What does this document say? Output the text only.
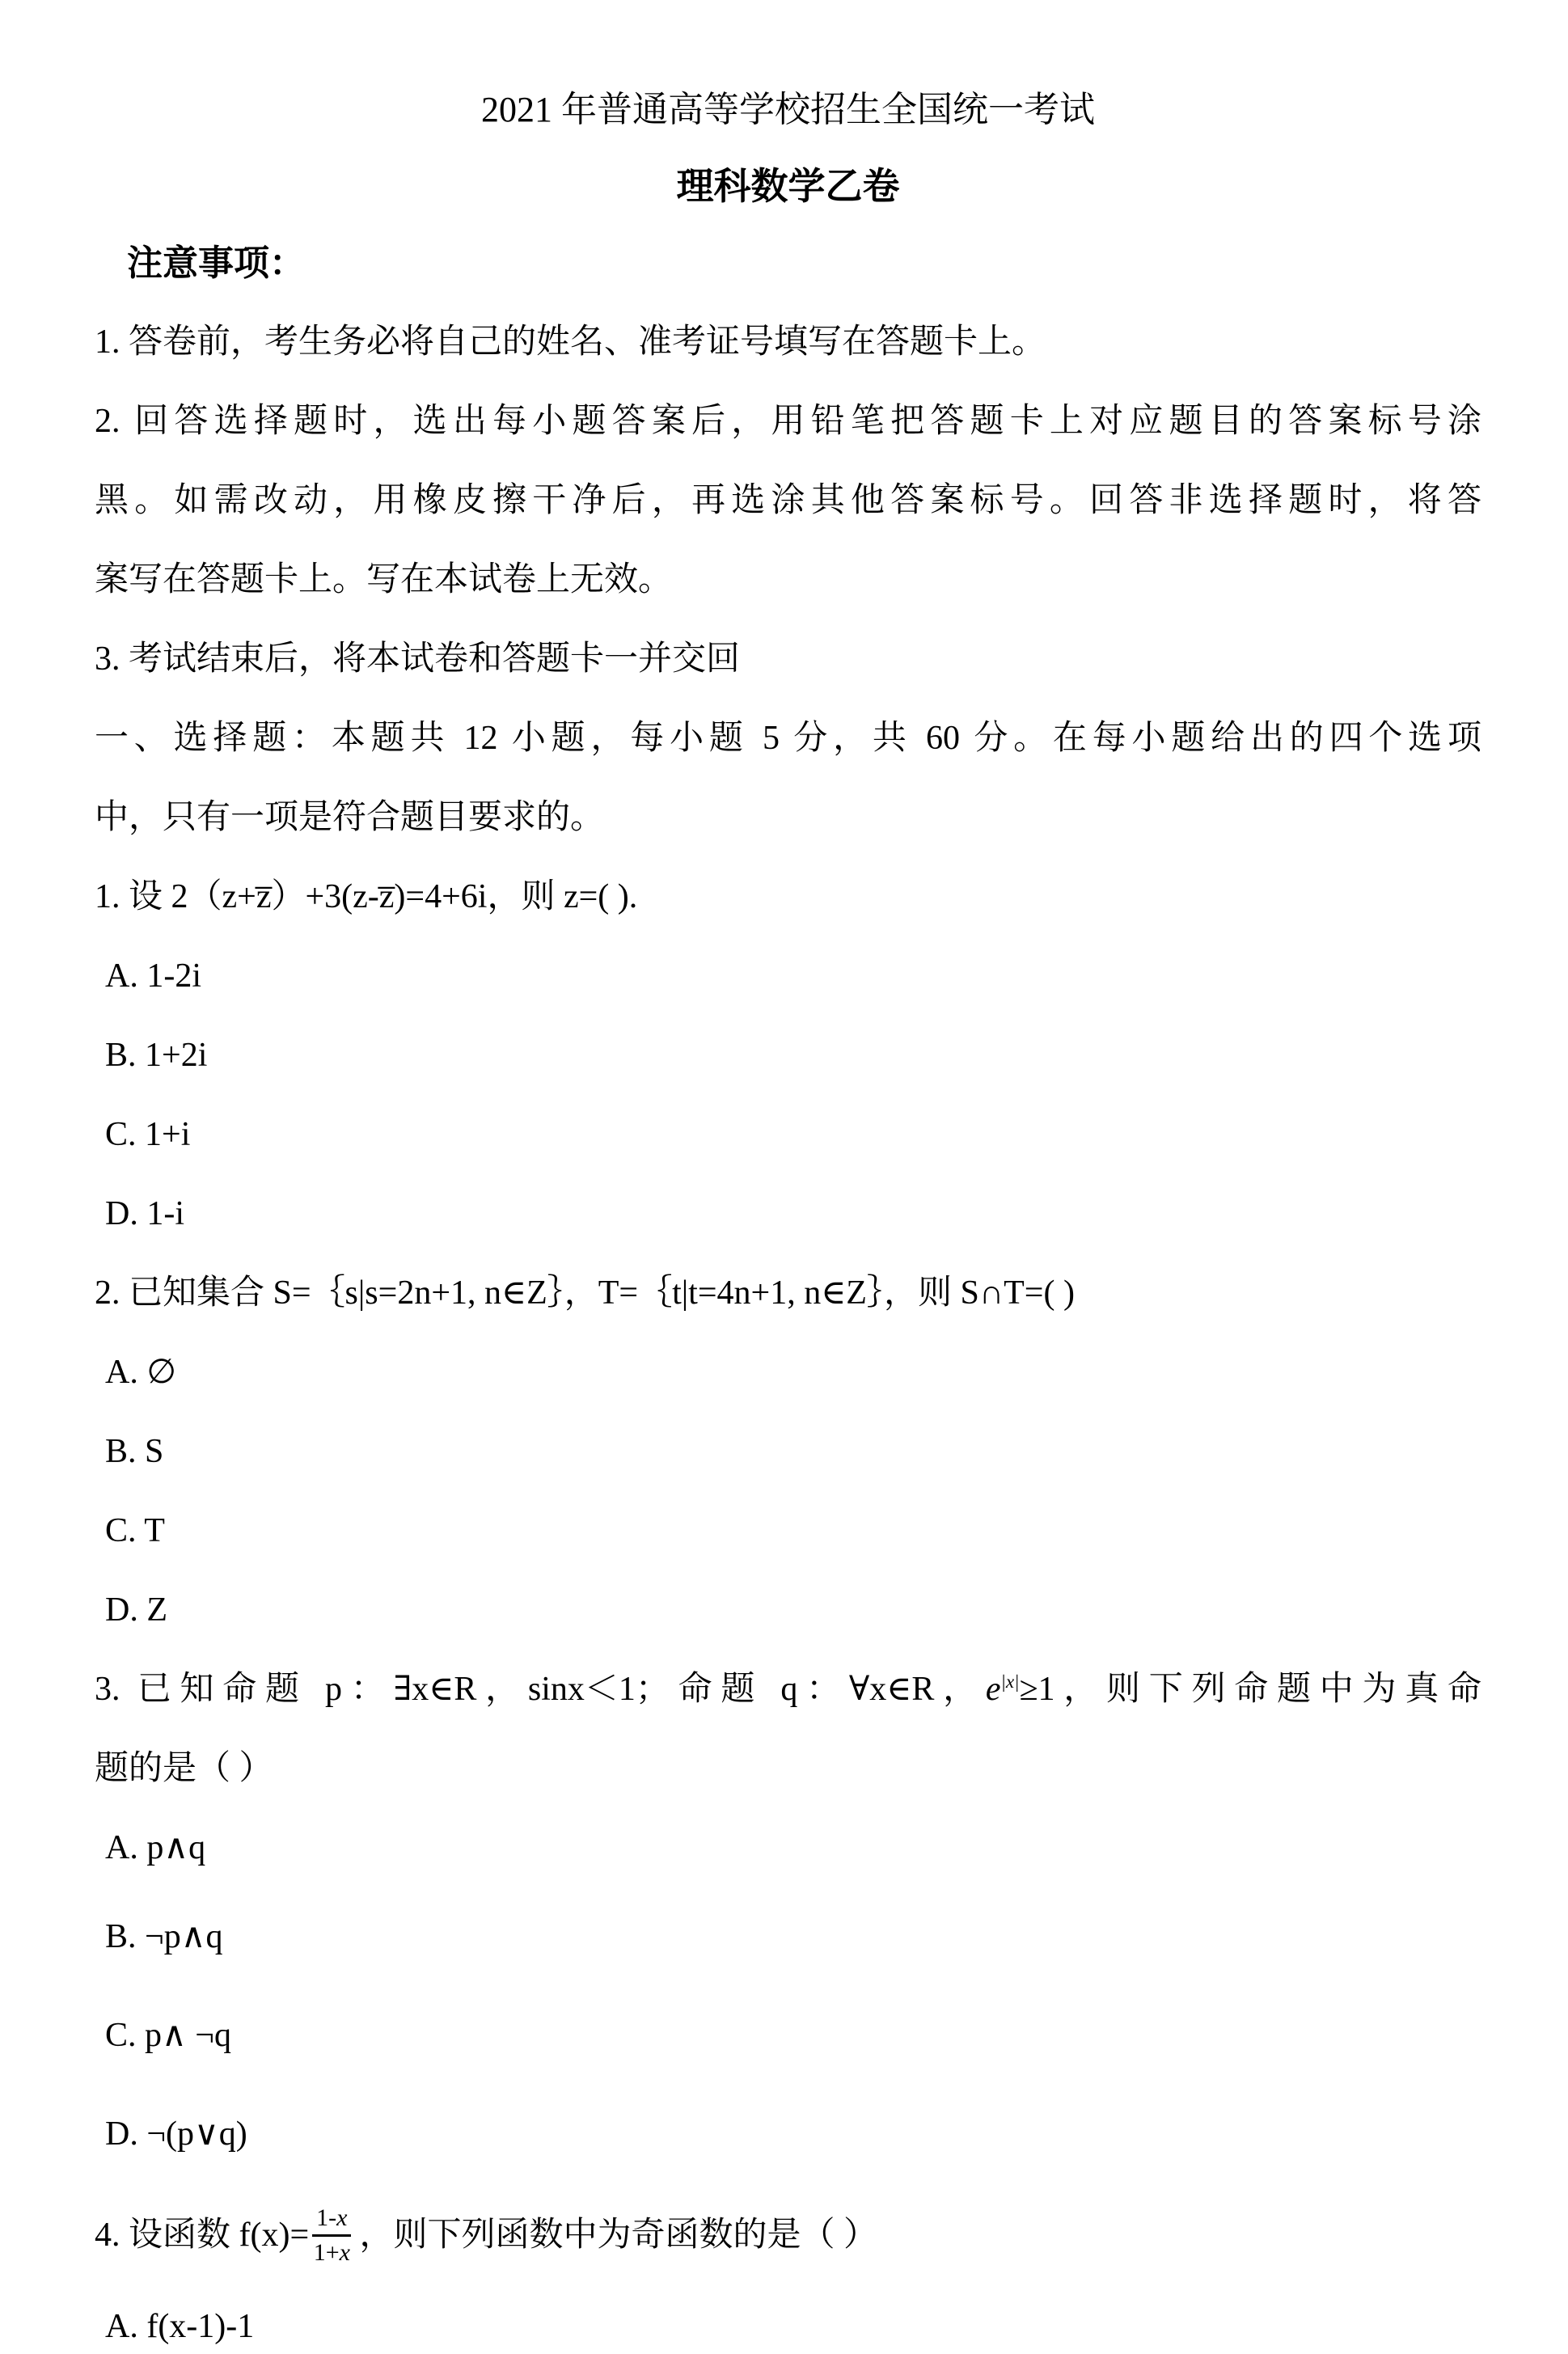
2021 年普通高等学校招生全国统一考试
理科数学乙卷
注意事项：
1. 答卷前，考生务必将自己的姓名、准考证号填写在答题卡上。
2. 回答选择题时，选出每小题答案后，用铅笔把答题卡上对应题目的答案标号涂
黑。如需改动，用橡皮擦干净后，再选涂其他答案标号。回答非选择题时，将答
案写在答题卡上。写在本试卷上无效。
3. 考试结束后，将本试卷和答题卡一并交回
一、选择题：本题共 12 小题，每小题 5 分，共 60 分。在每小题给出的四个选项
中，只有一项是符合题目要求的。
1. 设 2（z+z̅）+3(z-z̅)=4+6i，则 z=( ).
A. 1-2i
B. 1+2i
C. 1+i
D. 1-i
2. 已知集合 S=｛s|s=2n+1, n∈Z｝，T=｛t|t=4n+1, n∈Z｝，则 S∩T=( )
A. ∅
B. S
C. T
D. Z
3. 已知命题 p：∃x∈R，sinx＜1；命题 q：∀x∈R，$e^{|x|}\ge 1$，则下列命题中为真命
题的是（ ）
A. p∧q
B. ¬p∧q
C. p∧ ¬q
D. ¬(p∨q)
4. 设函数 $f(x)= \frac{1-x}{1+x}$ ，则下列函数中为奇函数的是（ ）
A. f(x-1)-1
